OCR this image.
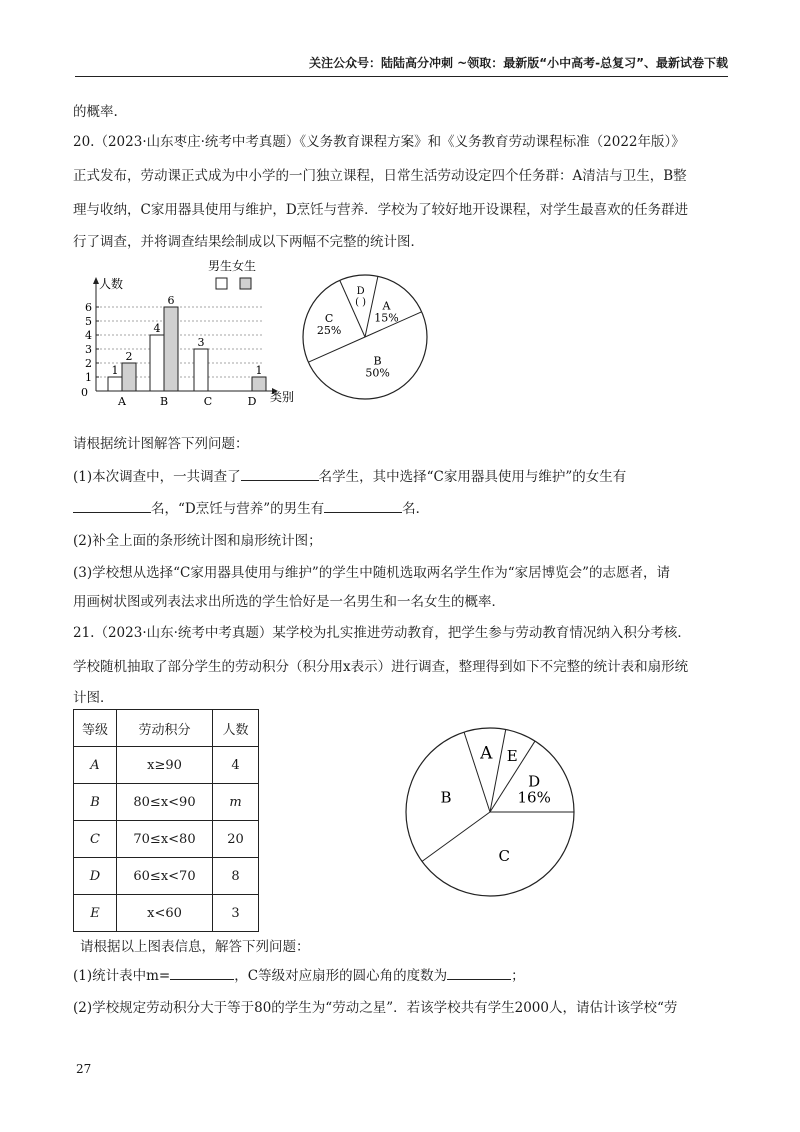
关注公众号：陆陆高分冲刺 ~领取：最新版“小中高考-总复习”、最新试卷下载
的概率.
20.（2023·山东枣庄·统考中考真题）《义务教育课程方案》和《义务教育劳动课程标准（2022年版）》
正式发布，劳动课正式成为中小学的一门独立课程，日常生活劳动设定四个任务群：A清洁与卫生，B整
理与收纳，C家用器具使用与维护，D烹饪与营养．学校为了较好地开设课程，对学生最喜欢的任务群进
行了调查，并将调查结果绘制成以下两幅不完整的统计图．
0
1
2
3
4
5
6
人数
类别
男生 女生
1
2
A
4
6
B
3
C
1
D
A
15%
B
50%
C
25%
D
( )
请根据统计图解答下列问题：
(1)本次调查中，一共调查了	名学生，其中选择“C家用器具使用与维护”的女生有
名，“D烹饪与营养”的男生有	名．
(2)补全上面的条形统计图和扇形统计图；
(3)学校想从选择“C家用器具使用与维护”的学生中随机选取两名学生作为“家居博览会”的志愿者，请
用画树状图或列表法求出所选的学生恰好是一名男生和一名女生的概率．
21.（2023·山东·统考中考真题）某学校为扎实推进劳动教育，把学生参与劳动教育情况纳入积分考核．
学校随机抽取了部分学生的劳动积分（积分用x表示）进行调查，整理得到如下不完整的统计表和扇形统
计图．
等级	劳动积分	人数
A	x≥90	4
B	80≤x<90	m
C	70≤x<80	20
D	60≤x<70	8
E	x<60	3
A E
D
16%
C
B
请根据以上图表信息，解答下列问题：
(1)统计表中m=	，C等级对应扇形的圆心角的度数为	；
(2)学校规定劳动积分大于等于80的学生为“劳动之星”．若该学校共有学生2000人，请估计该学校“劳
27
